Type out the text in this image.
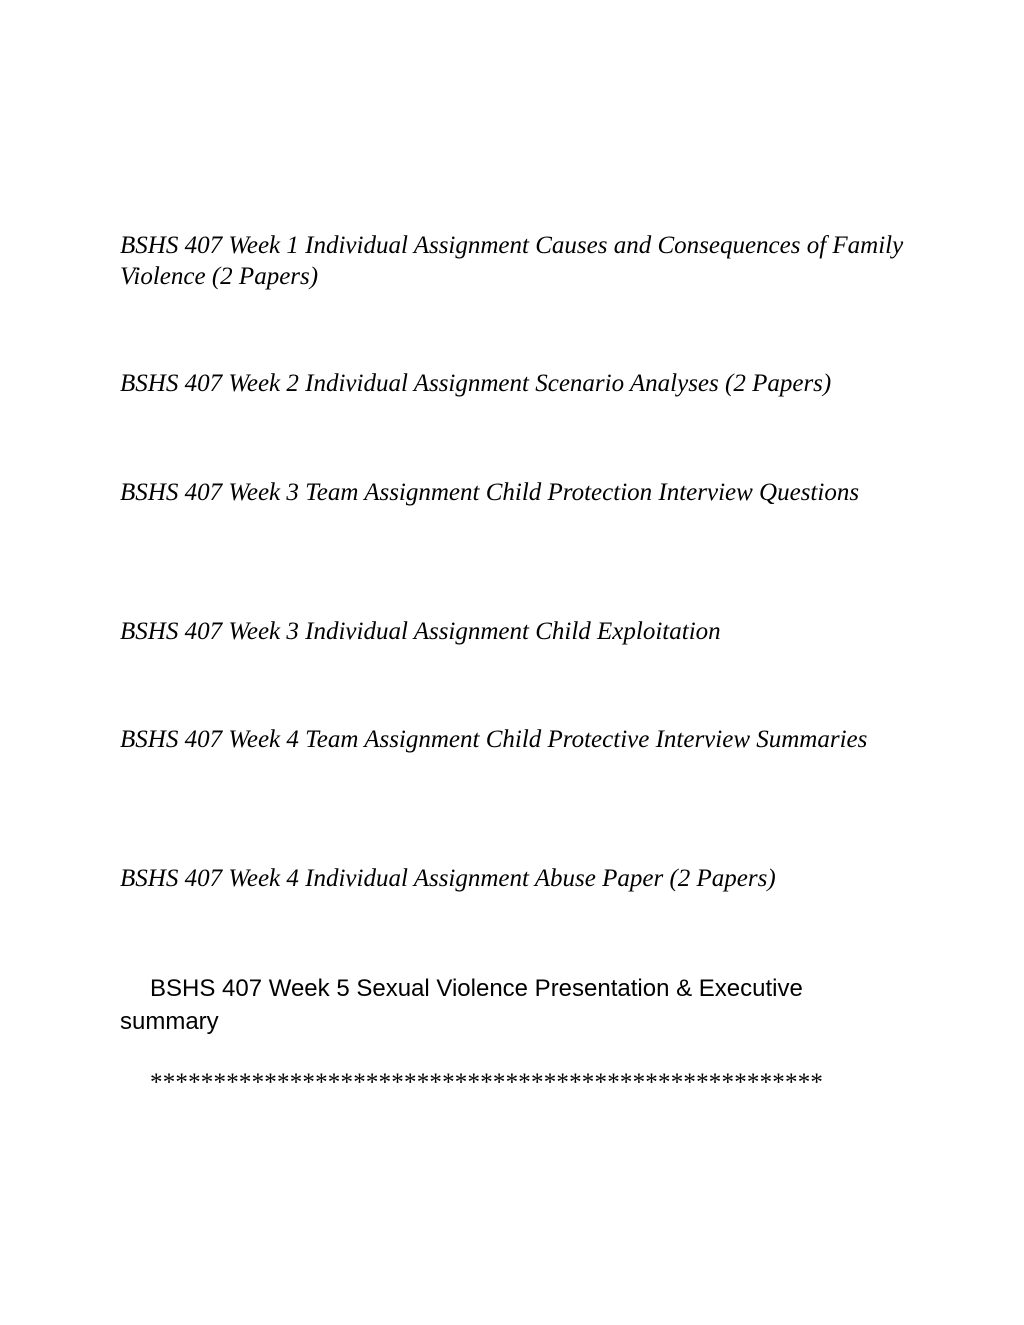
BSHS 407 Week 1 Individual Assignment Causes and Consequences of Family Violence (2 Papers)

BSHS 407 Week 2 Individual Assignment Scenario Analyses (2 Papers)

BSHS 407 Week 3 Team Assignment Child Protection Interview Questions

BSHS 407 Week 3 Individual Assignment Child Exploitation

BSHS 407 Week 4 Team Assignment Child Protective Interview Summaries

BSHS 407 Week 4 Individual Assignment Abuse Paper (2 Papers)

BSHS 407 Week 5 Sexual Violence Presentation & Executive summary

*****************************************************
